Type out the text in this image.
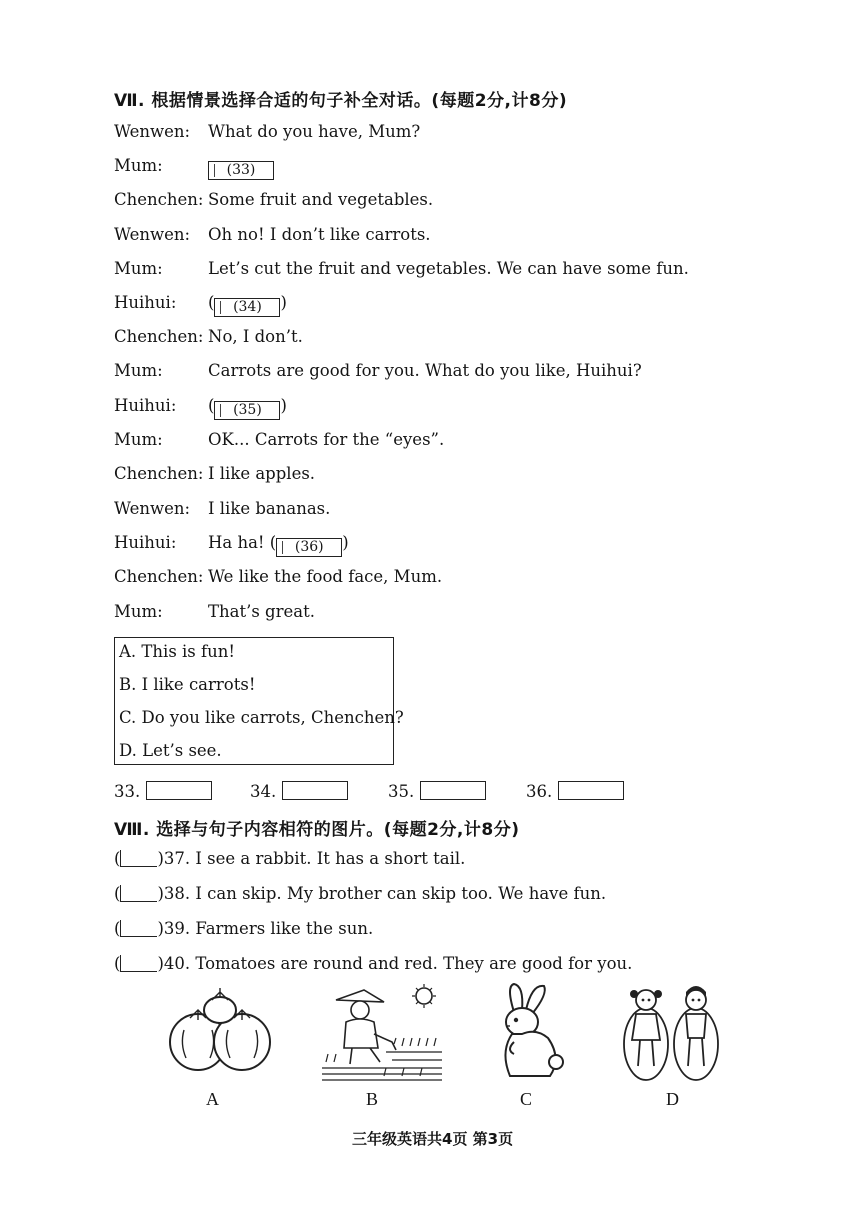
Ⅶ. 根据情景选择合适的句子补全对话。(每题2分,计8分)
Wenwen: What do you have, Mum?
Mum:	(33)
Chenchen: Some fruit and vegetables.
Wenwen: Oh no! I don’t like carrots.
Mum:	Let’s cut the fruit and vegetables. We can have some fun.
Huihui: ( (34) )
Chenchen: No, I don’t.
Mum:	Carrots are good for you. What do you like, Huihui?
Huihui: ( (35) )
Mum:	OK... Carrots for the “eyes”.
Chenchen: I like apples.
Wenwen: I like bananas.
Huihui: Ha ha! ( (36) )
Chenchen: We like the food face, Mum.
Mum:	That’s great.
A. This is fun!
B. I like carrots!
C. Do you like carrots, Chenchen?
D. Let’s see.
33.	34.	35.	36.
Ⅷ. 选择与句子内容相符的图片。(每题2分,计8分)
( )37. I see a rabbit. It has a short tail.
( )38. I can skip. My brother can skip too. We have fun.
( )39. Farmers like the sun.
( )40. Tomatoes are round and red. They are good for you.
A	B	C	D
三年级英语共4页 第3页
